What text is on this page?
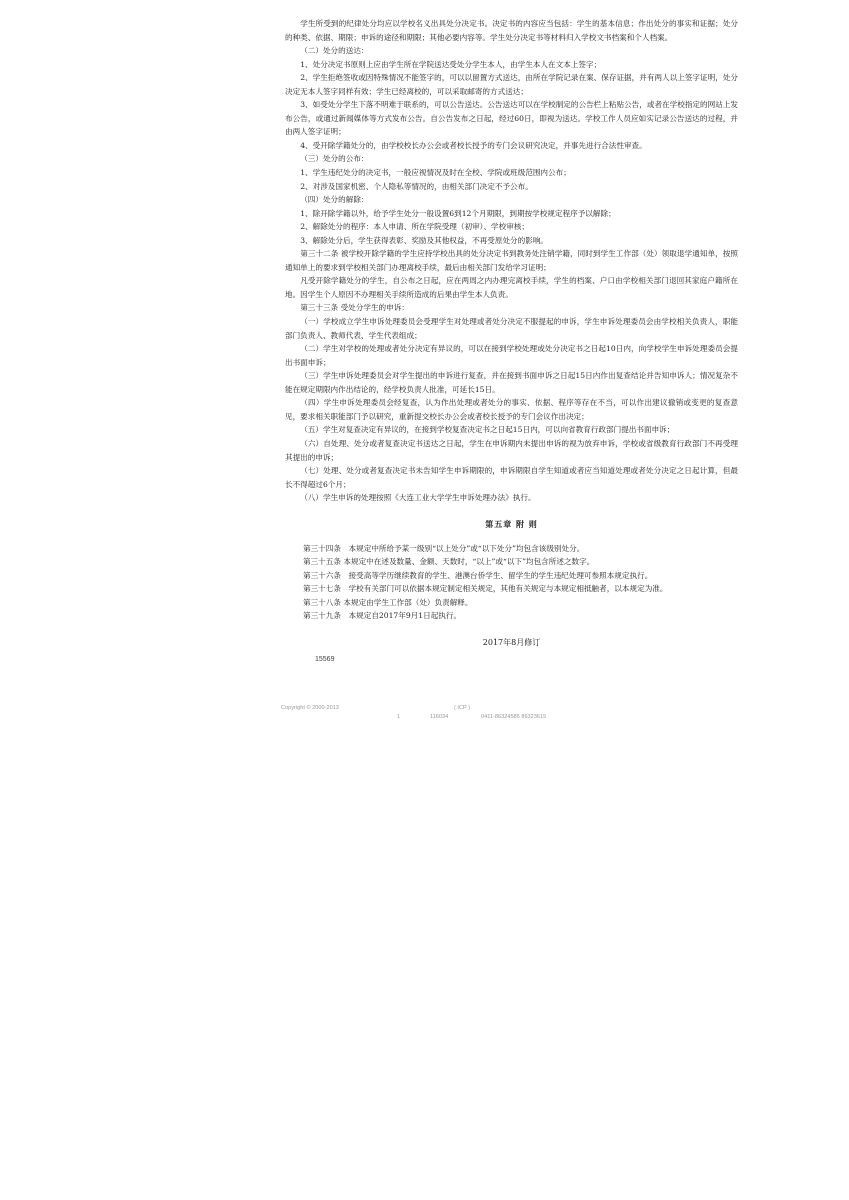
学生所受到的纪律处分均应以学校名义出具处分决定书。决定书的内容应当包括：学生的基本信息；作出处分的事实和证据；处分的种类、依据、期限；申诉的途径和期限；其他必要内容等。学生处分决定书等材料归入学校文书档案和个人档案。

（二）处分的送达：

1、处分决定书原则上应由学生所在学院送达受处分学生本人，由学生本人在文本上签字；

2、学生拒绝签收或因特殊情况不能签字的，可以以留置方式送达，由所在学院记录在案、保存证据，并有两人以上签字证明，处分决定无本人签字同样有效；学生已经离校的，可以采取邮寄的方式送达；

3、如受处分学生下落不明难于联系的，可以公告送达。公告送达可以在学校制定的公告栏上粘贴公告，或者在学校指定的网站上发布公告，或通过新闻媒体等方式发布公告。自公告发布之日起，经过60日，即视为送达。学校工作人员应如实记录公告送达的过程，并由两人签字证明；

4、受开除学籍处分的，由学校校长办公会或者校长授予的专门会议研究决定，并事先进行合法性审查。

（三）处分的公布：

1、学生违纪处分的决定书，一般应视情况及时在全校、学院或班级范围内公布；

2、对涉及国家机密、个人隐私等情况的，由相关部门决定不予公布。

（四）处分的解除：

1、除开除学籍以外，给予学生处分一般设置6到12个月期限，到期按学校规定程序予以解除；

2、解除处分的程序：本人申请、所在学院受理（初审）、学校审核；

3、解除处分后，学生获得表彰、奖励及其他权益，不再受原处分的影响。

第三十二条 被学校开除学籍的学生应持学校出具的处分决定书到教务处注销学籍，同时到学生工作部（处）领取退学通知单，按照通知单上的要求到学校相关部门办理离校手续，最后由相关部门发给学习证明；

凡受开除学籍处分的学生，自公布之日起，应在两周之内办理完离校手续，学生的档案、户口由学校相关部门退回其家庭户籍所在地。因学生个人原因不办理相关手续所造成的后果由学生本人负责。

第三十三条 受处分学生的申诉：

（一）学校成立学生申诉处理委员会受理学生对处理或者处分决定不服提起的申诉，学生申诉处理委员会由学校相关负责人，职能部门负责人、教师代表、学生代表组成；

（二）学生对学校的处理或者处分决定有异议的，可以在接到学校处理或处分决定书之日起10日内，向学校学生申诉处理委员会提出书面申诉；

（三）学生申诉处理委员会对学生提出的申诉进行复查，并在接到书面申诉之日起15日内作出复查结论并告知申诉人；情况复杂不能在规定期限内作出结论的，经学校负责人批准，可延长15日。

（四）学生申诉处理委员会经复查，认为作出处理或者处分的事实、依据、程序等存在不当，可以作出建议撤销或变更的复查意见，要求相关职能部门予以研究，重新提交校长办公会或者校长授予的专门会议作出决定；

（五）学生对复查决定有异议的，在接到学校复查决定书之日起15日内，可以向省教育行政部门提出书面申诉；

（六）自处理、处分或者复查决定书送达之日起，学生在申诉期内未提出申诉的视为放弃申诉，学校或省级教育行政部门不再受理其提出的申诉；

（七）处理、处分或者复查决定书未告知学生申诉期限的，申诉期限自学生知道或者应当知道处理或者处分决定之日起计算，但最长不得超过6个月；

（八）学生申诉的处理按照《大连工业大学学生申诉处理办法》执行。

第五章 附 则

第三十四条　本规定中所给予某一级别“以上处分”或“以下处分”均包含该级别处分。

第三十五条 本规定中在述及数量、金额、天数时，“以上”或“以下”均包含所述之数字。

第三十六条　接受高等学历继续教育的学生、港澳台侨学生、留学生的学生违纪处理可参照本规定执行。

第三十七条　学校有关部门可以依据本规定制定相关规定，其他有关规定与本规定相抵触者，以本规定为准。

第三十八条 本规定由学生工作部（处）负责解释。

第三十九条　本规定自2017年9月1日起执行。

2017年8月修订
15569
Copyright © 2000-2013	( ICP )
1	116034	0411-86324585 86323615
